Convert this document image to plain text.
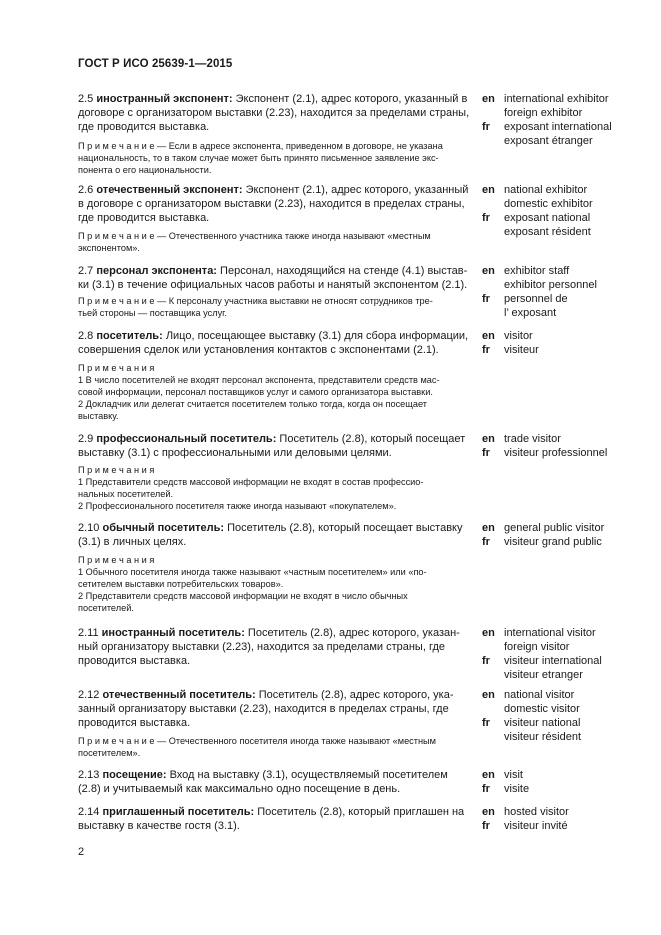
ГОСТ Р ИСО 25639-1—2015
2.5 иностранный экспонент: Экспонент (2.1), адрес которого, указанный в
договоре с организатором выставки (2.23), находится за пределами страны,
где проводится выставка.
en international exhibitor
foreign exhibitor
fr exposant international
exposant étranger
П р и м е ч а н и е — Если в адресе экспонента, приведенном в договоре, не указана
национальность, то в таком случае может быть принято письменное заявление экс-
понента о его национальности.
2.6 отечественный экспонент: Экспонент (2.1), адрес которого, указанный
в договоре с организатором выставки (2.23), находится в пределах страны,
где проводится выставка.
en national exhibitor
domestic exhibitor
fr exposant national
exposant résident
П р и м е ч а н и е — Отечественного участника также иногда называют «местным
экспонентом».
2.7 персонал экспонента: Персонал, находящийся на стенде (4.1) выстав-
ки (3.1) в течение официальных часов работы и нанятый экспонентом (2.1).
en exhibitor staff
exhibitor personnel
fr personnel de
l’ exposant
П р и м е ч а н и е — К персоналу участника выставки не относят сотрудников тре-
тьей стороны — поставщика услуг.
2.8 посетитель: Лицо, посещающее выставку (3.1) для сбора информации,
совершения сделок или установления контактов с экспонентами (2.1).
en visitor
fr visiteur
П р и м е ч а н и я
1 В число посетителей не входят персонал экспонента, представители средств мас-
совой информации, персонал поставщиков услуг и самого организатора выставки.
2 Докладчик или делегат считается посетителем только тогда, когда он посещает
выставку.
2.9 профессиональный посетитель: Посетитель (2.8), который посещает
выставку (3.1) с профессиональными или деловыми целями.
en trade visitor
fr visiteur professionnel
П р и м е ч а н и я
1 Представители средств массовой информации не входят в состав профессио-
нальных посетителей.
2 Профессионального посетителя также иногда называют «покупателем».
2.10 обычный посетитель: Посетитель (2.8), который посещает выставку
(3.1) в личных целях.
en general public visitor
fr visiteur grand public
П р и м е ч а н и я
1 Обычного посетителя иногда также называют «частным посетителем» или «по-
сетителем выставки потребительских товаров».
2 Представители средств массовой информации не входят в число обычных
посетителей.
2.11 иностранный посетитель: Посетитель (2.8), адрес которого, указан-
ный организатору выставки (2.23), находится за пределами страны, где
проводится выставка.
en international visitor
foreign visitor
fr visiteur international
visiteur etranger
2.12 отечественный посетитель: Посетитель (2.8), адрес которого, ука-
занный организатору выставки (2.23), находится в пределах страны, где
проводится выставка.
en national visitor
domestic visitor
fr visiteur national
visiteur résident
П р и м е ч а н и е — Отечественного посетителя иногда также называют «местным
посетителем».
2.13 посещение: Вход на выставку (3.1), осуществляемый посетителем
(2.8) и учитываемый как максимально одно посещение в день.
en visit
fr visite
2.14 приглашенный посетитель: Посетитель (2.8), который приглашен на
выставку в качестве гостя (3.1).
en hosted visitor
fr visiteur invité
2
